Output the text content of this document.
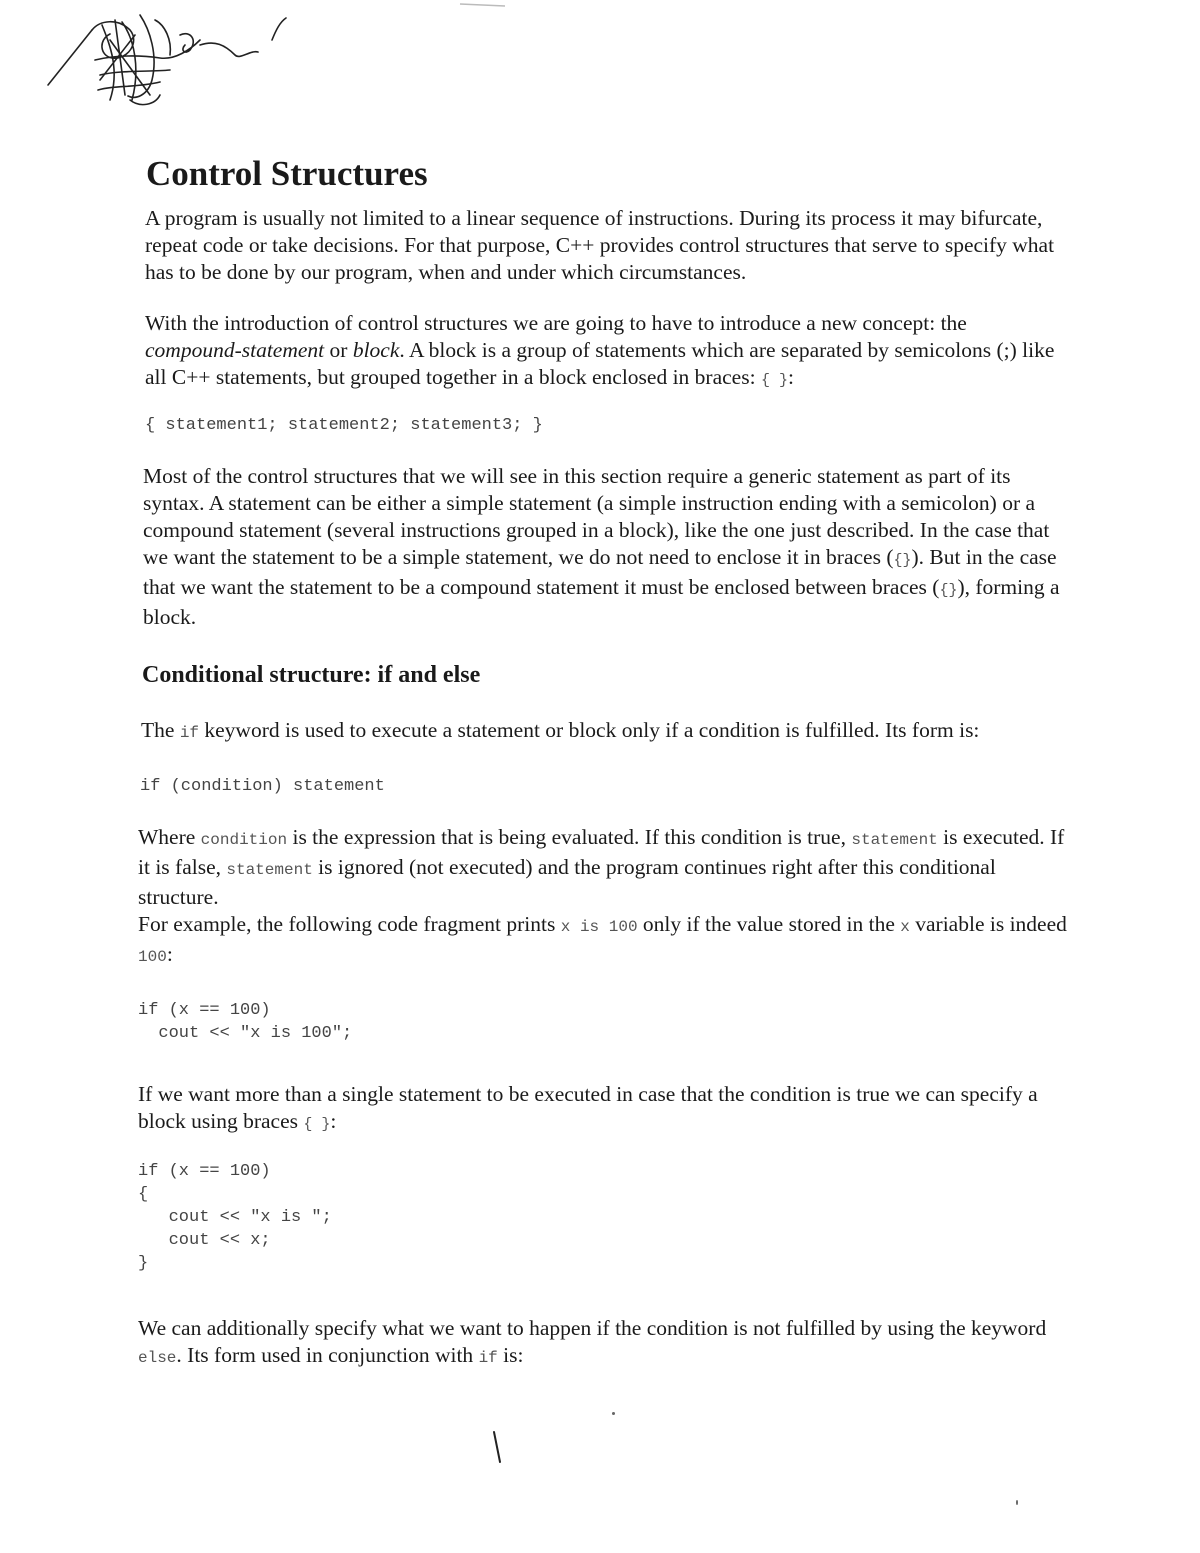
Control Structures

A program is usually not limited to a linear sequence of instructions. During its process it may bifurcate, repeat code or take decisions. For that purpose, C++ provides control structures that serve to specify what has to be done by our program, when and under which circumstances.

With the introduction of control structures we are going to have to introduce a new concept: the compound-statement or block. A block is a group of statements which are separated by semicolons (;) like all C++ statements, but grouped together in a block enclosed in braces: { }:

{ statement1; statement2; statement3; }

Most of the control structures that we will see in this section require a generic statement as part of its syntax. A statement can be either a simple statement (a simple instruction ending with a semicolon) or a compound statement (several instructions grouped in a block), like the one just described. In the case that we want the statement to be a simple statement, we do not need to enclose it in braces ({}). But in the case that we want the statement to be a compound statement it must be enclosed between braces ({}), forming a block.

Conditional structure: if and else

The if keyword is used to execute a statement or block only if a condition is fulfilled. Its form is:

if (condition) statement

Where condition is the expression that is being evaluated. If this condition is true, statement is executed. If it is false, statement is ignored (not executed) and the program continues right after this conditional structure.

For example, the following code fragment prints x is 100 only if the value stored in the x variable is indeed 100:

if (x == 100)
cout << "x is 100";

If we want more than a single statement to be executed in case that the condition is true we can specify a block using braces { }:

if (x == 100)
{
cout << "x is ";
cout << x;
}

We can additionally specify what we want to happen if the condition is not fulfilled by using the keyword else. Its form used in conjunction with if is:
